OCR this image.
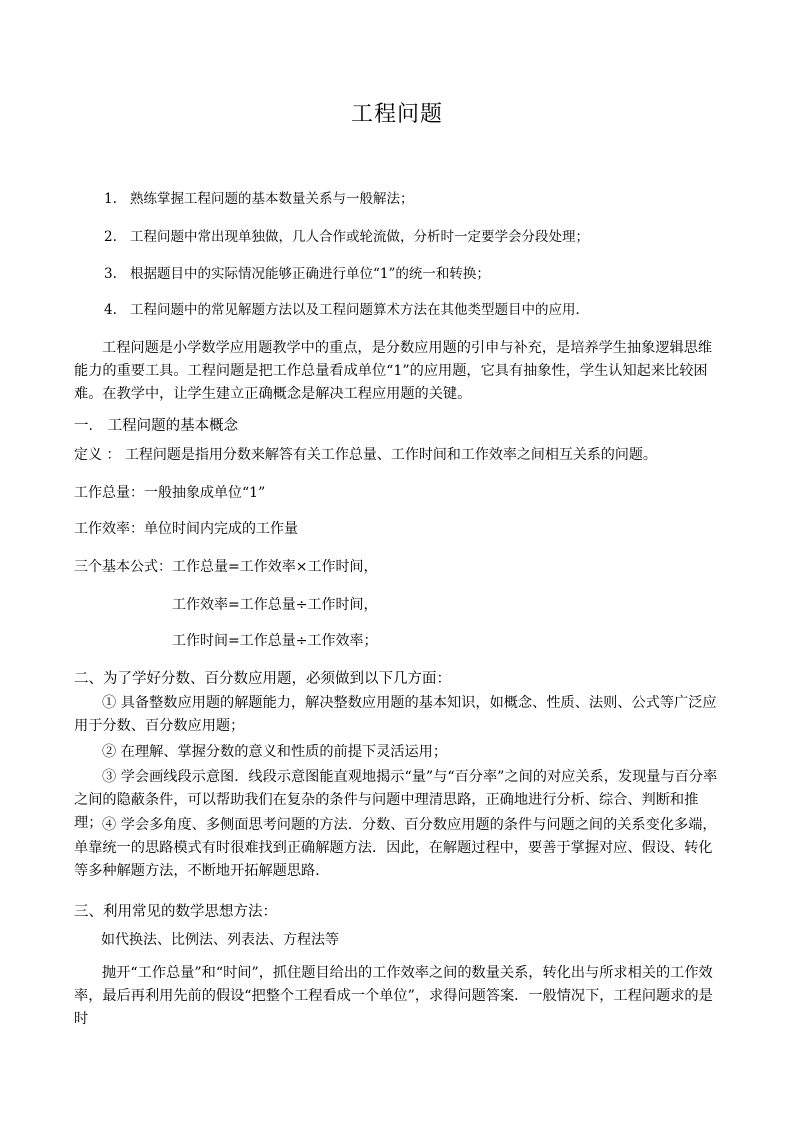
工程问题
1. 熟练掌握工程问题的基本数量关系与一般解法；
2. 工程问题中常出现单独做，几人合作或轮流做，分析时一定要学会分段处理；
3. 根据题目中的实际情况能够正确进行单位“1”的统一和转换；
4. 工程问题中的常见解题方法以及工程问题算术方法在其他类型题目中的应用．
工程问题是小学数学应用题教学中的重点，是分数应用题的引申与补充，是培养学生抽象逻辑思维能力的重要工具。工程问题是把工作总量看成单位“1”的应用题，它具有抽象性，学生认知起来比较困难。在教学中，让学生建立正确概念是解决工程应用题的关键。
一． 工程问题的基本概念
定义 ： 工程问题是指用分数来解答有关工作总量、工作时间和工作效率之间相互关系的问题。
工作总量：一般抽象成单位“1”
工作效率：单位时间内完成的工作量
三个基本公式： 工作总量=工作效率×工作时间，
工作效率=工作总量÷工作时间，
工作时间=工作总量÷工作效率；
二、为了学好分数、百分数应用题，必须做到以下几方面：
① 具备整数应用题的解题能力，解决整数应用题的基本知识，如概念、性质、法则、公式等广泛应用于分数、百分数应用题；
② 在理解、掌握分数的意义和性质的前提下灵活运用；
③ 学会画线段示意图．线段示意图能直观地揭示“量”与“百分率”之间的对应关系，发现量与百分率之间的隐蔽条件，可以帮助我们在复杂的条件与问题中理清思路，正确地进行分析、综合、判断和推理； ④ 学会多角度、多侧面思考问题的方法．分数、百分数应用题的条件与问题之间的关系变化多端，单靠统一的思路模式有时很难找到正确解题方法．因此，在解题过程中，要善于掌握对应、假设、转化等多种解题方法，不断地开拓解题思路．
三、利用常见的数学思想方法：
如代换法、比例法、列表法、方程法等
抛开“工作总量”和“时间”，抓住题目给出的工作效率之间的数量关系，转化出与所求相关的工作效率，最后再利用先前的假设“把整个工程看成一个单位”，求得问题答案．一般情况下，工程问题求的是时
